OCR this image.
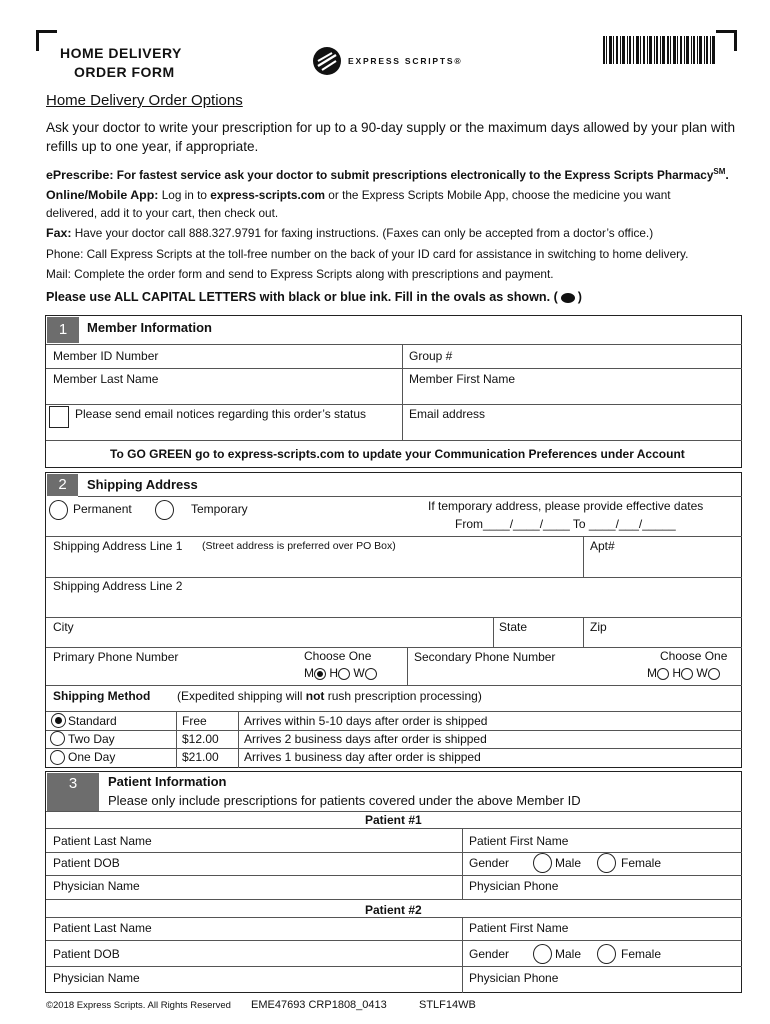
HOME DELIVERY
ORDER FORM
EXPRESS SCRIPTS®
Home Delivery Order Options
Ask your doctor to write your prescription for up to a 90-day supply or the maximum days allowed by your plan with refills up to one year, if appropriate.
ePrescribe: For fastest service ask your doctor to submit prescriptions electronically to the Express Scripts Pharmacy℠.
Online/Mobile App: Log in to express-scripts.com or the Express Scripts Mobile App, choose the medicine you want
delivered, add it to your cart, then check out.
Fax: Have your doctor call 888.327.9791 for faxing instructions. (Faxes can only be accepted from a doctor’s office.)
Phone: Call Express Scripts at the toll-free number on the back of your ID card for assistance in switching to home delivery.
Mail: Complete the order form and send to Express Scripts along with prescriptions and payment.
Please use ALL CAPITAL LETTERS with black or blue ink. Fill in the ovals as shown. ( )
1	Member Information
Member ID Number	Group #
Member Last Name	Member First Name
Please send email notices regarding this order’s status	Email address
To GO GREEN go to express-scripts.com to update your Communication Preferences under Account
2	Shipping Address
Permanent	Temporary	If temporary address, please provide effective dates
From____/____/____ To ____/___/_____
Shipping Address Line 1 (Street address is preferred over PO Box)	Apt#
Shipping Address Line 2
City	State	Zip
Primary Phone Number	Choose One
M H W
Secondary Phone Number	Choose One
M H W
Shipping Method (Expedited shipping will not rush prescription processing)
Standard	Free	Arrives within 5-10 days after order is shipped
Two Day	$12.00 Arrives 2 business days after order is shipped
One Day	$21.00 Arrives 1 business day after order is shipped
3	Patient Information
Please only include prescriptions for patients covered under the above Member ID
Patient #1
Patient Last Name	Patient First Name
Patient DOB	Gender	Male	Female
Physician Name	Physician Phone
Patient #2
Patient Last Name	Patient First Name
Patient DOB	Gender	Male	Female
Physician Name	Physician Phone
©2018 Express Scripts. All Rights Reserved EME47693 CRP1808_0413	STLF14WB
